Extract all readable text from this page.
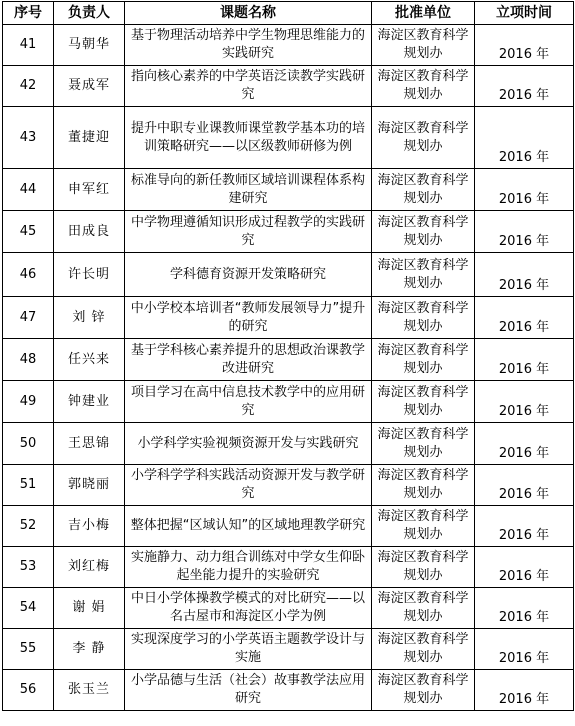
序号	负责人	课题名称	批准单位	立项时间
41	马朝华	基于物理活动培养中学生物理思维能力的实践研究	海淀区教育科学规划办	2016 年
42	聂成军	指向核心素养的中学英语泛读教学实践研究	海淀区教育科学规划办	2016 年
43	董捷迎	提升中职专业课教师课堂教学基本功的培训策略研究——以区级教师研修为例	海淀区教育科学规划办	2016 年
44	申军红	标准导向的新任教师区域培训课程体系构建研究	海淀区教育科学规划办	2016 年
45	田成良	中学物理遵循知识形成过程教学的实践研究	海淀区教育科学规划办	2016 年
46	许长明	学科德育资源开发策略研究	海淀区教育科学规划办	2016 年
47	刘 锌	中小学校本培训者“教师发展领导力”提升的研究	海淀区教育科学规划办	2016 年
48	任兴来	基于学科核心素养提升的思想政治课教学改进研究	海淀区教育科学规划办	2016 年
49	钟建业	项目学习在高中信息技术教学中的应用研究	海淀区教育科学规划办	2016 年
50	王思锦	小学科学实验视频资源开发与实践研究	海淀区教育科学规划办	2016 年
51	郭晓丽	小学科学学科实践活动资源开发与教学研究	海淀区教育科学规划办	2016 年
52	吉小梅	整体把握“区域认知”的区域地理教学研究	海淀区教育科学规划办	2016 年
53	刘红梅	实施静力、动力组合训练对中学女生仰卧起坐能力提升的实验研究	海淀区教育科学规划办	2016 年
54	谢 娟	中日小学体操教学模式的对比研究——以名古屋市和海淀区小学为例	海淀区教育科学规划办	2016 年
55	李 静	实现深度学习的小学英语主题教学设计与实施	海淀区教育科学规划办	2016 年
56	张玉兰	小学品德与生活（社会）故事教学法应用研究	海淀区教育科学规划办	2016 年
